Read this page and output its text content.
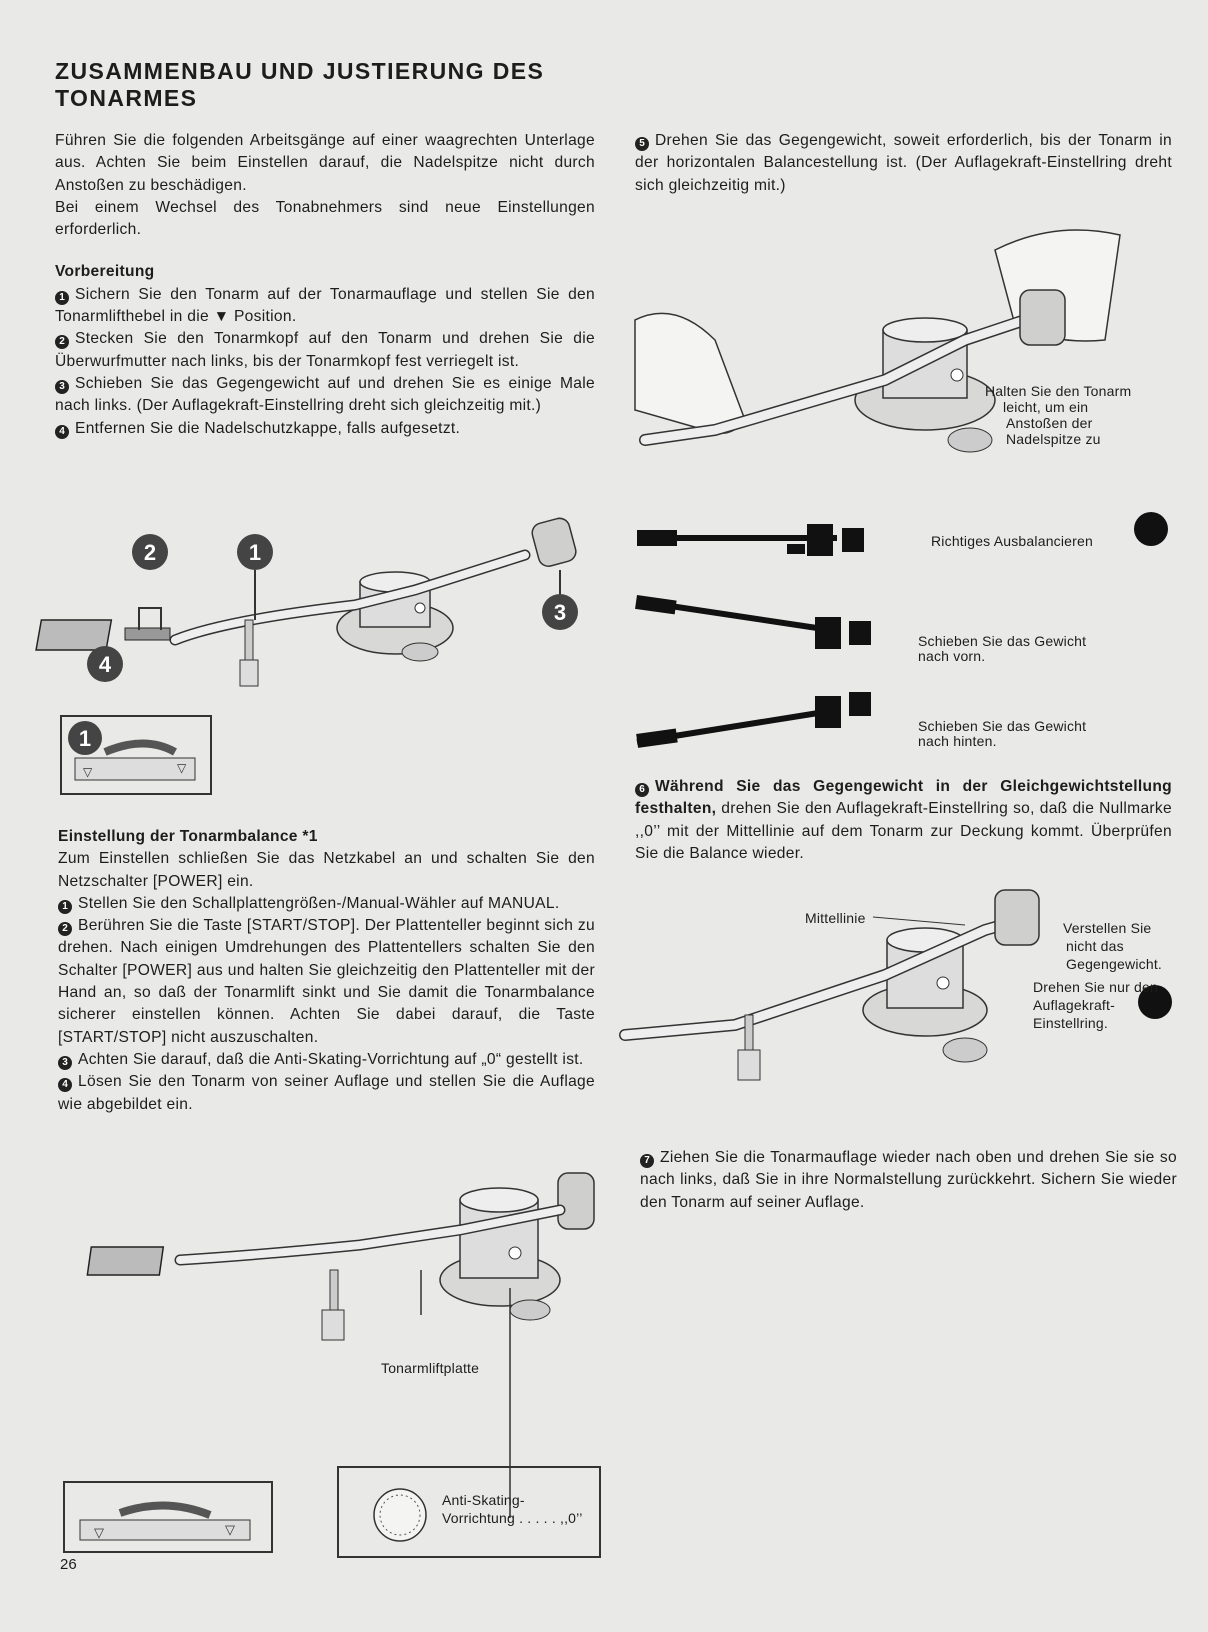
ZUSAMMENBAU UND JUSTIERUNG DES TONARMES

Führen Sie die folgenden Arbeitsgänge auf einer waagrechten Unterlage aus. Achten Sie beim Einstellen darauf, die Nadelspitze nicht durch Anstoßen zu beschädigen.

Bei einem Wechsel des Tonabnehmers sind neue Einstellungen erforderlich.

Vorbereitung

1 Sichern Sie den Tonarm auf der Tonarmauflage und stellen Sie den Tonarmlifthebel in die ▼ Position.

2 Stecken Sie den Tonarmkopf auf den Tonarm und drehen Sie die Überwurfmutter nach links, bis der Tonarmkopf fest verriegelt ist.

3 Schieben Sie das Gegengewicht auf und drehen Sie es einige Male nach links. (Der Auflagekraft-Einstellring dreht sich gleichzeitig mit.)

4 Entfernen Sie die Nadelschutzkappe, falls aufgesetzt.

2	1
3
4
▽	▽
1

Einstellung der Tonarmbalance *1

Zum Einstellen schließen Sie das Netzkabel an und schalten Sie den Netzschalter [POWER] ein.

1 Stellen Sie den Schallplattengrößen-/Manual-Wähler auf MANUAL.

2 Berühren Sie die Taste [START/STOP]. Der Plattenteller beginnt sich zu drehen. Nach einigen Umdrehungen des Plattentellers schalten Sie den Schalter [POWER] aus und halten Sie gleichzeitig den Plattenteller mit der Hand an, so daß der Tonarmlift sinkt und Sie damit die Tonarmbalance sicherer einstellen können. Achten Sie dabei darauf, die Taste [START/STOP] nicht auszuschalten.

3 Achten Sie darauf, daß die Anti-Skating-Vorrichtung auf „0“ gestellt ist.

4 Lösen Sie den Tonarm von seiner Auflage und stellen Sie die Auflage wie abgebildet ein.

▽	▽
Tonarmliftplatte
Anti-Skating-
Vorrichtung . . . . . ,,0’’
26

5 Drehen Sie das Gegengewicht, soweit erforderlich, bis der Tonarm in der horizontalen Balancestellung ist. (Der Auflagekraft-Einstellring dreht sich gleichzeitig mit.)

Halten Sie den Tonarm
leicht, um ein
Anstoßen der
Nadelspitze zu
Richtiges Ausbalancieren
Schieben Sie das Gewicht
nach vorn.
Schieben Sie das Gewicht
nach hinten.

6 Während Sie das Gegengewicht in der Gleichgewichtstellung festhalten, drehen Sie den Auflagekraft-Einstellring so, daß die Nullmarke ,,0’’ mit der Mittellinie auf dem Tonarm zur Deckung kommt. Überprüfen Sie die Balance wieder.

Mittellinie
Verstellen Sie
nicht das
Gegengewicht.
Drehen Sie nur den
Auflagekraft-
Einstellring.

7 Ziehen Sie die Tonarmauflage wieder nach oben und drehen Sie sie so nach links, daß Sie in ihre Normalstellung zurückkehrt. Sichern Sie wieder den Tonarm auf seiner Auflage.
